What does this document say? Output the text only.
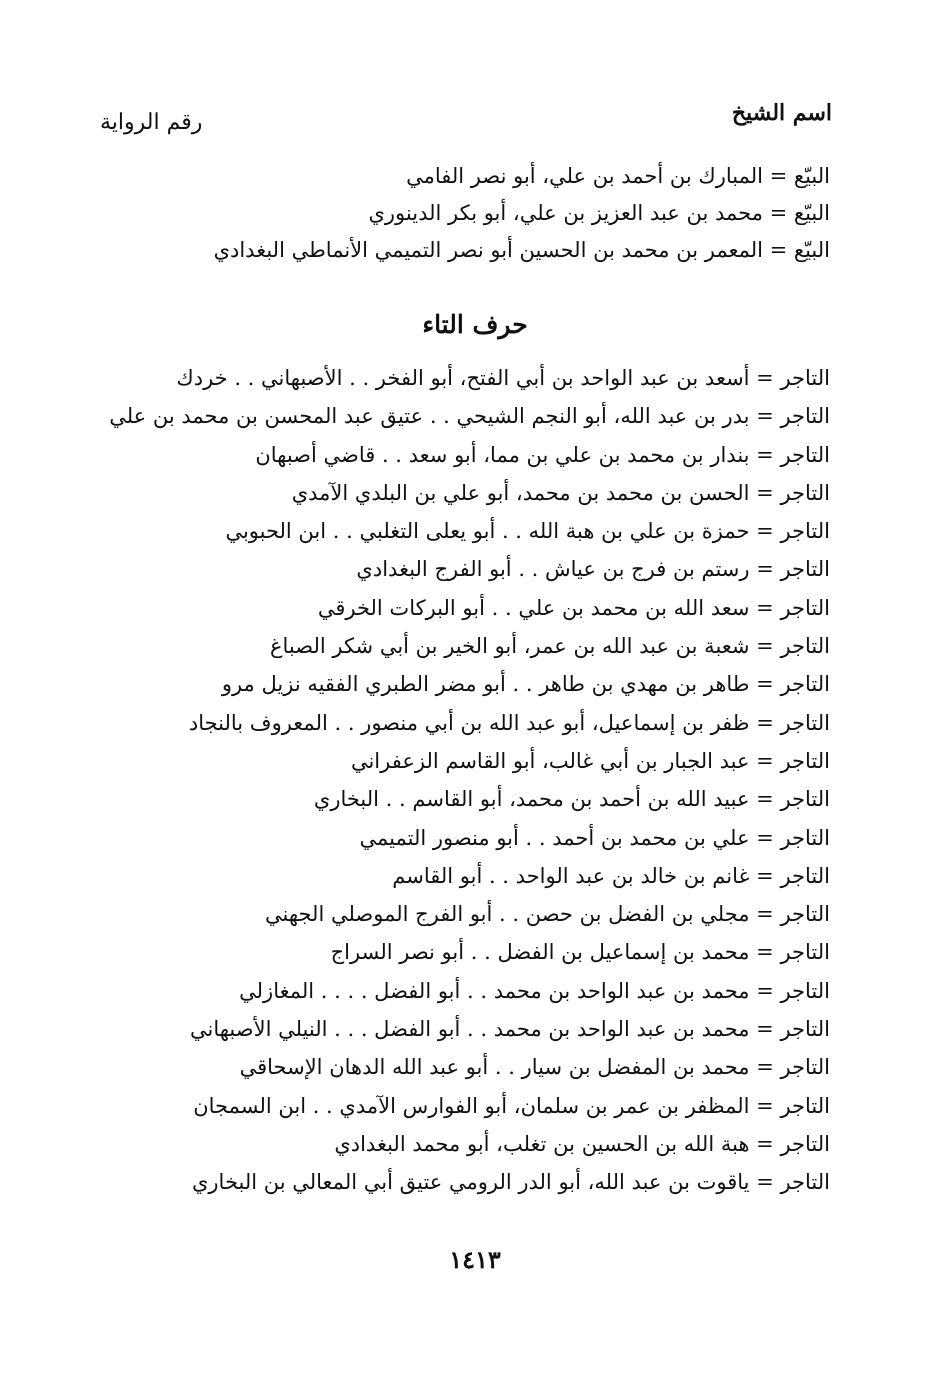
اسم الشيخ
رقم الرواية
البيّع = المبارك بن أحمد بن علي، أبو نصر الفامي
البيّع = محمد بن عبد العزيز بن علي، أبو بكر الدينوري
البيّع = المعمر بن محمد بن الحسين أبو نصر التميمي الأنماطي البغدادي
حرف التاء
التاجر = أسعد بن عبد الواحد بن أبي الفتح، أبو الفخر . . الأصبهاني . . خردك
التاجر = بدر بن عبد الله، أبو النجم الشيحي . . عتيق عبد المحسن بن محمد بن علي
التاجر = بندار بن محمد بن علي بن مما، أبو سعد . . قاضي أصبهان
التاجر = الحسن بن محمد بن محمد، أبو علي بن البلدي الآمدي
التاجر = حمزة بن علي بن هبة الله . . أبو يعلى التغلبي . . ابن الحبوبي
التاجر = رستم بن فرج بن عياش . . أبو الفرج البغدادي
التاجر = سعد الله بن محمد بن علي . . أبو البركات الخرقي
التاجر = شعبة بن عبد الله بن عمر، أبو الخير بن أبي شكر الصباغ
التاجر = طاهر بن مهدي بن طاهر . . أبو مضر الطبري الفقيه نزيل مرو
التاجر = ظفر بن إسماعيل، أبو عبد الله بن أبي منصور . . المعروف بالنجاد
التاجر = عبد الجبار بن أبي غالب، أبو القاسم الزعفراني
التاجر = عبيد الله بن أحمد بن محمد، أبو القاسم . . البخاري
التاجر = علي بن محمد بن أحمد . . أبو منصور التميمي
التاجر = غانم بن خالد بن عبد الواحد . . أبو القاسم
التاجر = مجلي بن الفضل بن حصن . . أبو الفرج الموصلي الجهني
التاجر = محمد بن إسماعيل بن الفضل . . أبو نصر السراج
التاجر = محمد بن عبد الواحد بن محمد . . أبو الفضل . . . . المغازلي
التاجر = محمد بن عبد الواحد بن محمد . . أبو الفضل . . . النيلي الأصبهاني
التاجر = محمد بن المفضل بن سيار . . أبو عبد الله الدهان الإسحاقي
التاجر = المظفر بن عمر بن سلمان، أبو الفوارس الآمدي . . ابن السمجان
التاجر = هبة الله بن الحسين بن تغلب، أبو محمد البغدادي
التاجر = ياقوت بن عبد الله، أبو الدر الرومي عتيق أبي المعالي بن البخاري
١٤١٣
